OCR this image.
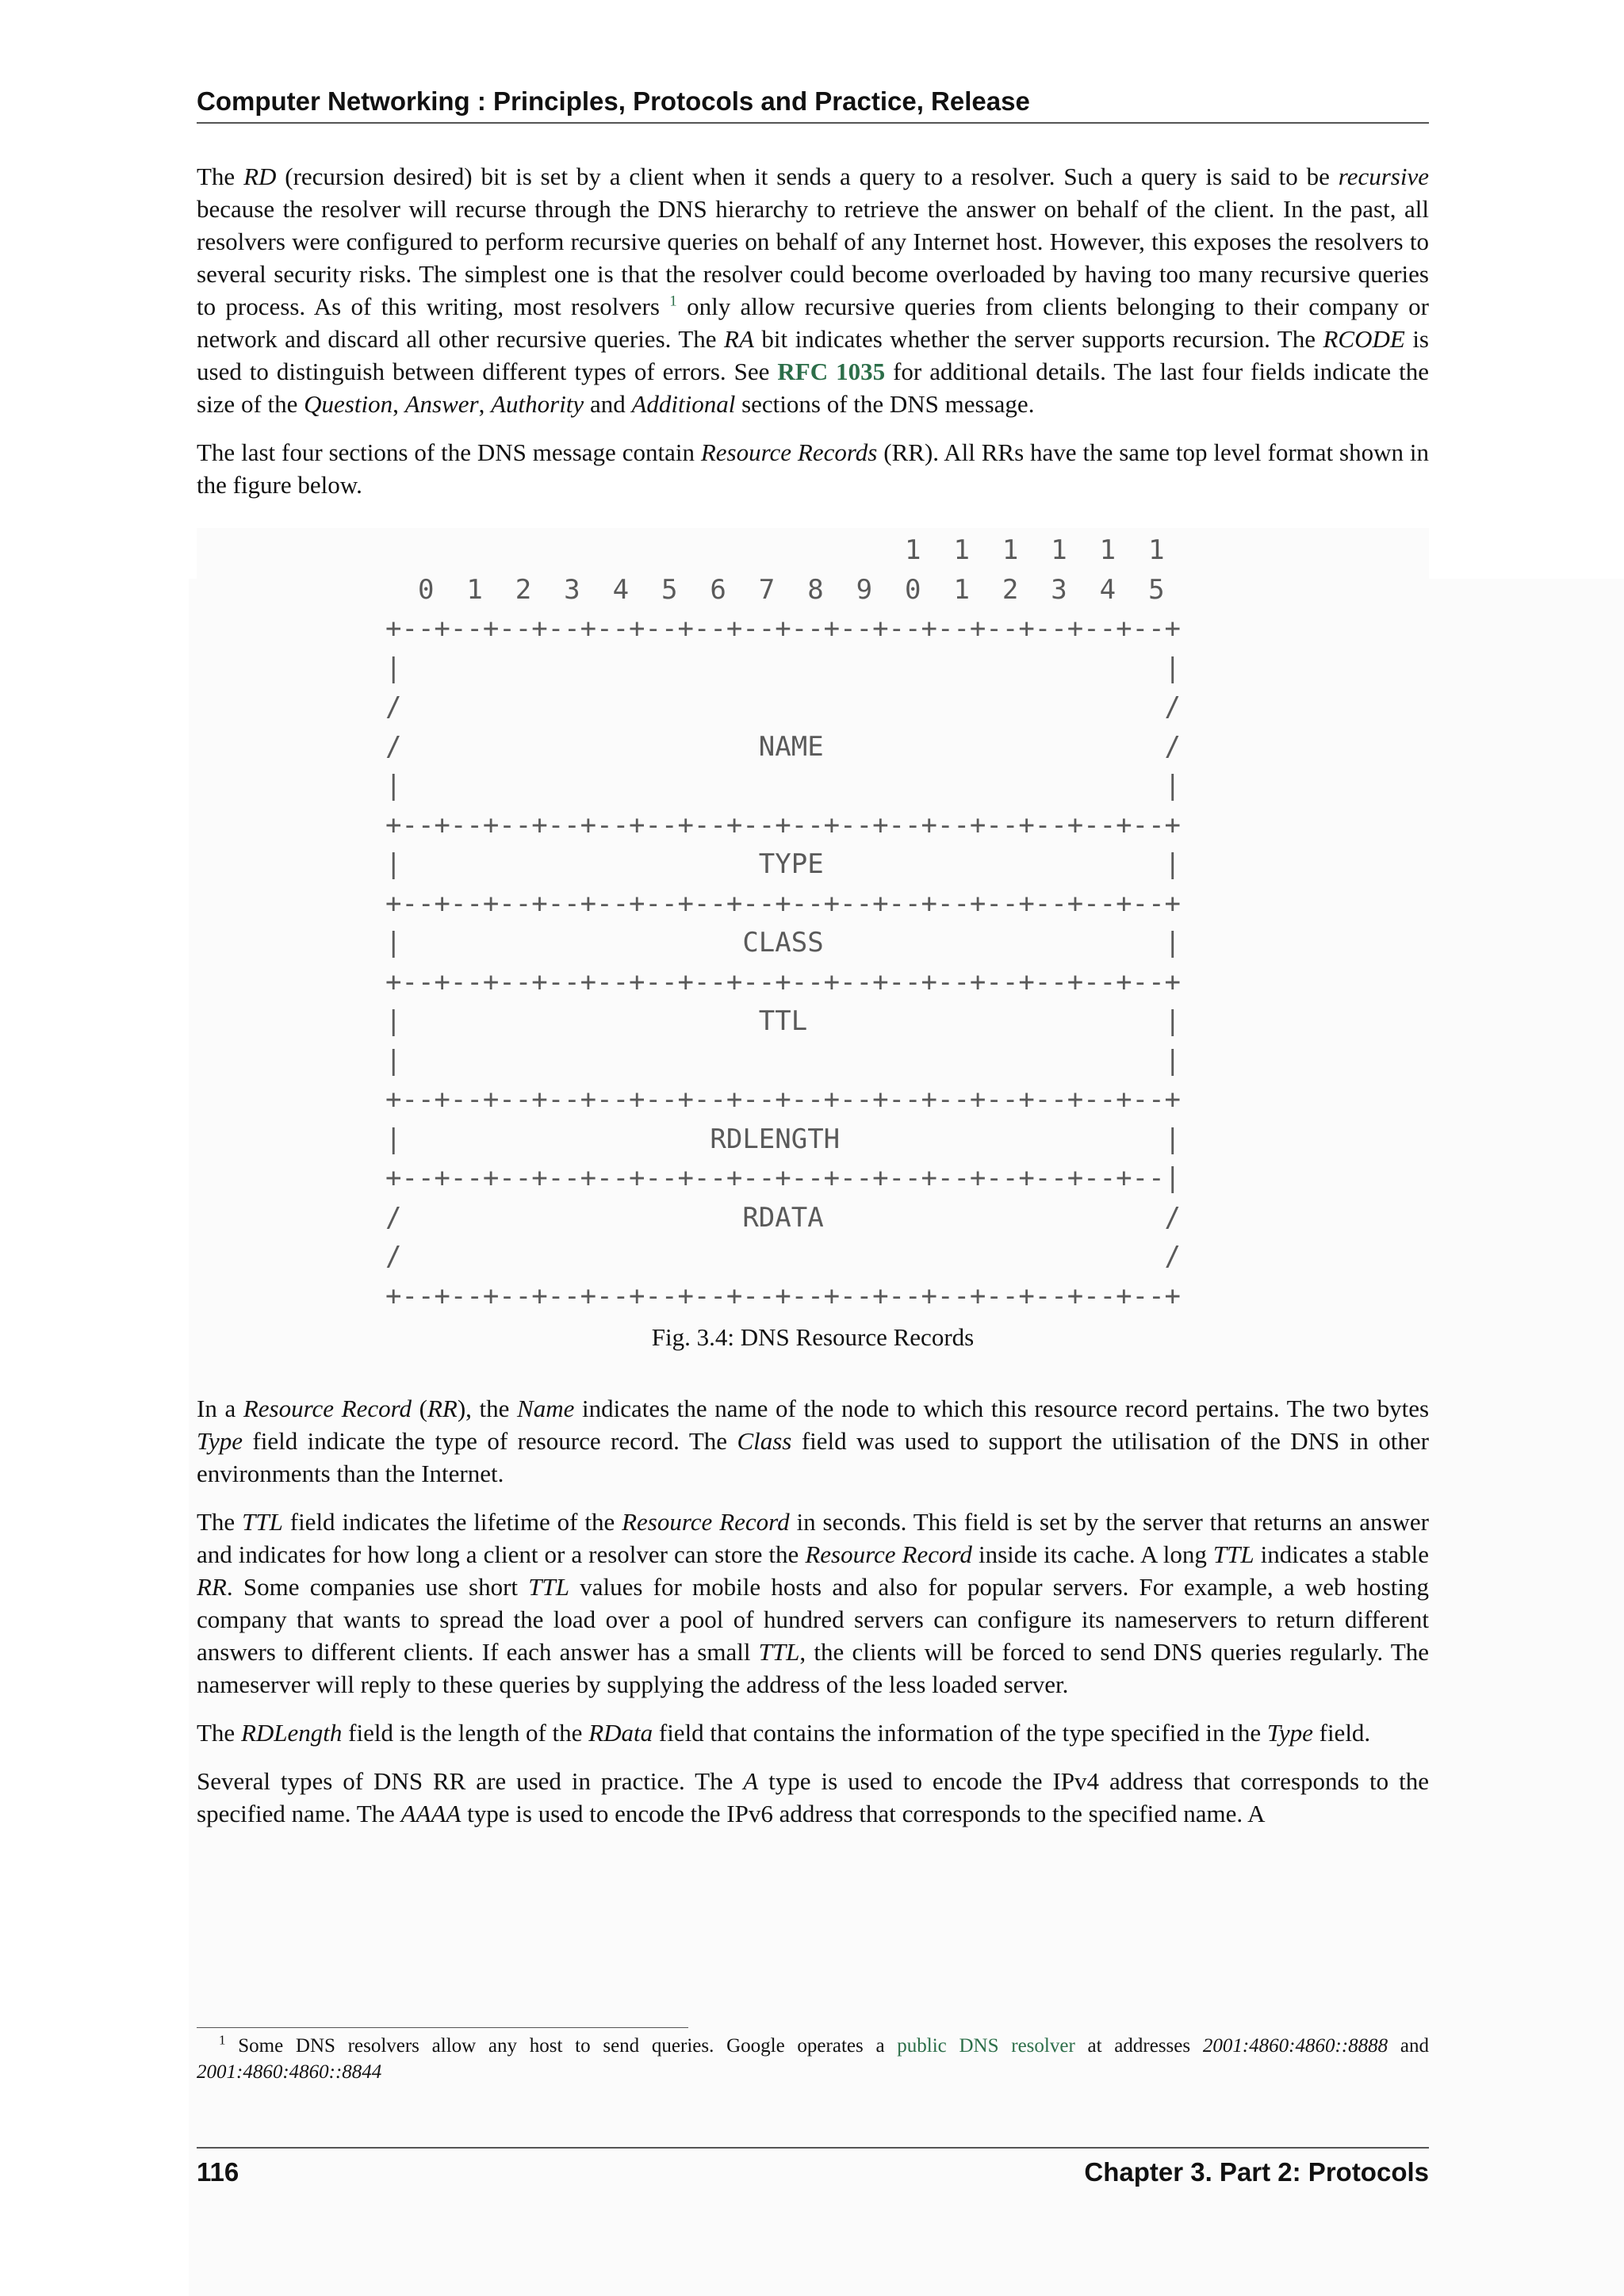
Computer Networking : Principles, Protocols and Practice, Release

The RD (recursion desired) bit is set by a client when it sends a query to a resolver. Such a query is said to be recursive because the resolver will recurse through the DNS hierarchy to retrieve the answer on behalf of the client. In the past, all resolvers were configured to perform recursive queries on behalf of any Internet host. However, this exposes the resolvers to several security risks. The simplest one is that the resolver could become overloaded by having too many recursive queries to process. As of this writing, most resolvers $^1$ only allow recursive queries from clients belonging to their company or network and discard all other recursive queries. The RA bit indicates whether the server supports recursion. The RCODE is used to distinguish between different types of errors. See RFC 1035 for additional details. The last four fields indicate the size of the Question, Answer, Authority and Additional sections of the DNS message.

The last four sections of the DNS message contain Resource Records (RR). All RRs have the same top level format shown in the figure below.

1  1  1  1  1  1
0  1  2  3  4  5  6  7  8  9  0  1  2  3  4  5
+--+--+--+--+--+--+--+--+--+--+--+--+--+--+--+--+
|                                               |
/                                               /
/                      NAME                     /
|                                               |
+--+--+--+--+--+--+--+--+--+--+--+--+--+--+--+--+
|                      TYPE                     |
+--+--+--+--+--+--+--+--+--+--+--+--+--+--+--+--+
|                     CLASS                     |
+--+--+--+--+--+--+--+--+--+--+--+--+--+--+--+--+
|                      TTL                      |
|                                               |
+--+--+--+--+--+--+--+--+--+--+--+--+--+--+--+--+
|                   RDLENGTH                    |
+--+--+--+--+--+--+--+--+--+--+--+--+--+--+--+--|
/                     RDATA                     /
/                                               /
+--+--+--+--+--+--+--+--+--+--+--+--+--+--+--+--+
Fig. 3.4: DNS Resource Records

In a Resource Record (RR), the Name indicates the name of the node to which this resource record pertains. The two bytes Type field indicate the type of resource record. The Class field was used to support the utilisation of the DNS in other environments than the Internet.

The TTL field indicates the lifetime of the Resource Record in seconds. This field is set by the server that returns an answer and indicates for how long a client or a resolver can store the Resource Record inside its cache. A long TTL indicates a stable RR. Some companies use short TTL values for mobile hosts and also for popular servers. For example, a web hosting company that wants to spread the load over a pool of hundred servers can configure its nameservers to return different answers to different clients. If each answer has a small TTL, the clients will be forced to send DNS queries regularly. The nameserver will reply to these queries by supplying the address of the less loaded server.

The RDLength field is the length of the RData field that contains the information of the type specified in the Type field.

Several types of DNS RR are used in practice. The A type is used to encode the IPv4 address that corresponds to the specified name. The AAAA type is used to encode the IPv6 address that corresponds to the specified name. A

$^1$ Some DNS resolvers allow any host to send queries. Google operates a public DNS resolver at addresses 2001:4860:4860::8888 and 2001:4860:4860::8844
116	Chapter 3. Part 2: Protocols
